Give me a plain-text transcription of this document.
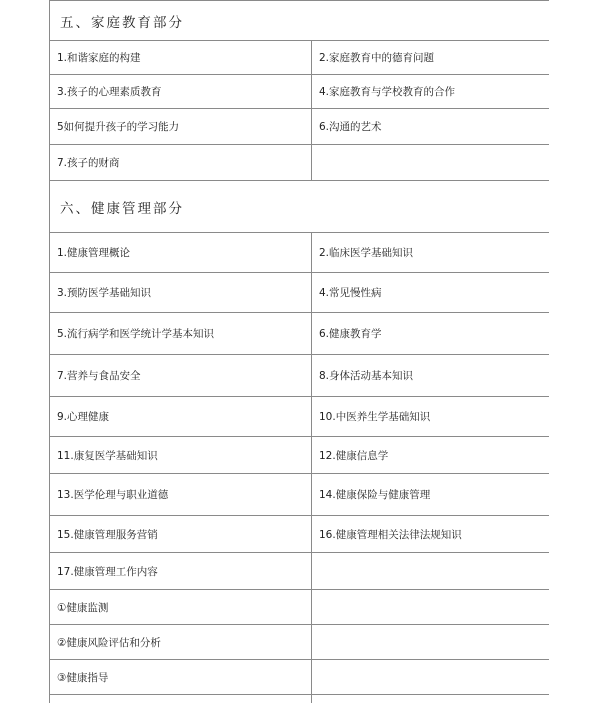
五、家庭教育部分	
1.和谐家庭的构建	2.家庭教育中的德育问题
3.孩子的心理素质教育	4.家庭教育与学校教育的合作
5如何提升孩子的学习能力	6.沟通的艺术
7.孩子的财商	
六、健康管理部分	
1.健康管理概论	2.临床医学基础知识
3.预防医学基础知识	4.常见慢性病
5.流行病学和医学统计学基本知识	6.健康教育学
7.营养与食品安全	8.身体活动基本知识
9.心理健康	10.中医养生学基础知识
11.康复医学基础知识	12.健康信息学
13.医学伦理与职业道德	14.健康保险与健康管理
15.健康管理服务营销	16.健康管理相关法律法规知识
17.健康管理工作内容	
①健康监测	
②健康风险评估和分析	
③健康指导	
